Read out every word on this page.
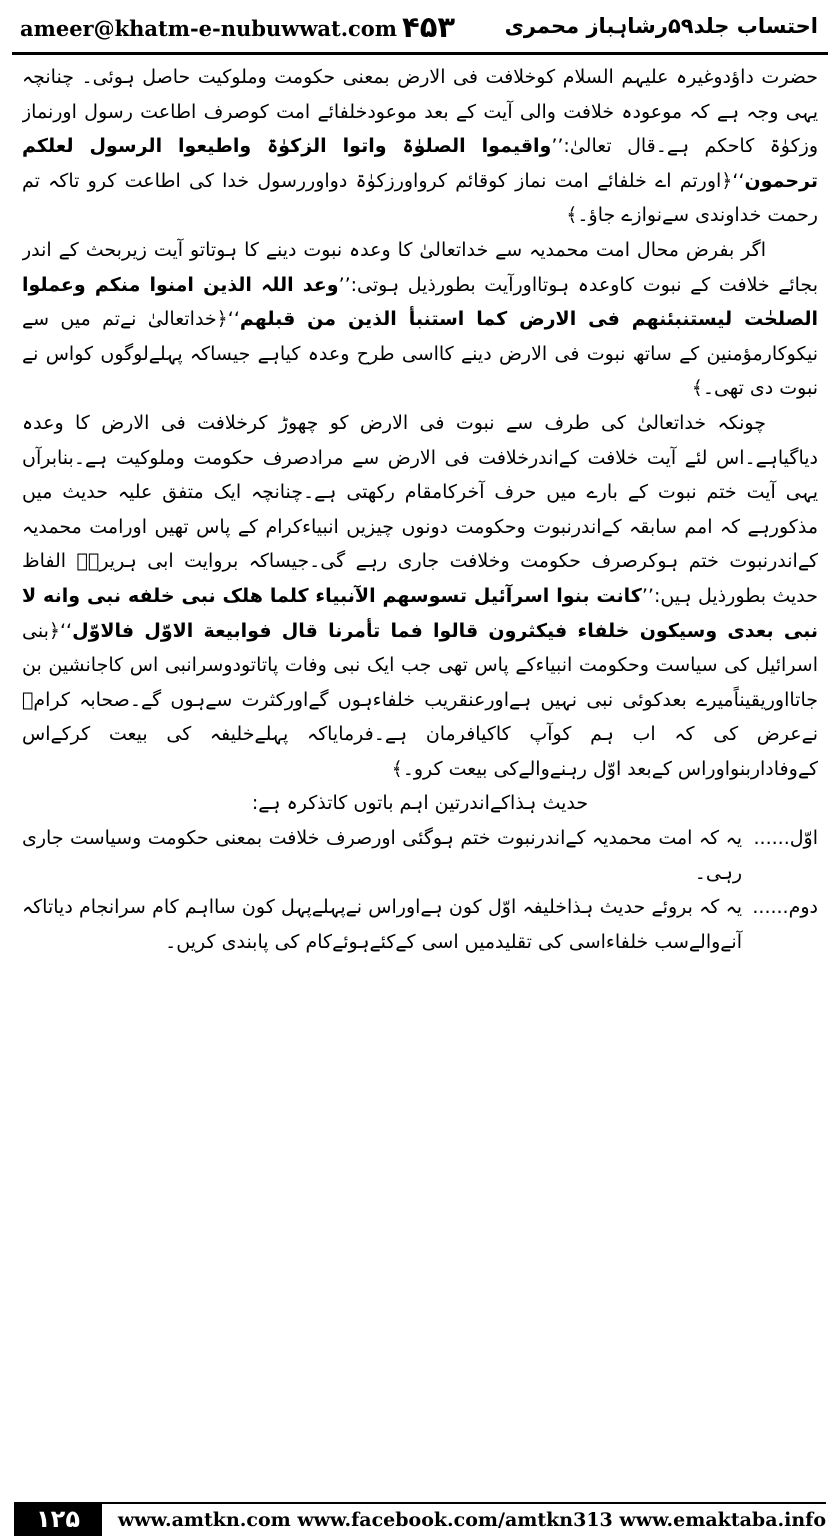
ameer@khatm-e-nubuwwat.com ۴۵۳ احتساب جلد۵۹رشاہباز محمری

حضرت داؤدوغیرہ علیہم السلام کوخلافت فی الارض بمعنی حکومت وملوکیت حاصل ہوئی۔ چنانچہ یہی وجہ ہے کہ موعودہ خلافت والی آیت کے بعد موعودخلفائے امت کوصرف اطاعت رسول اورنماز وزکوٰۃ کاحکم ہے۔قال تعالیٰ:’’واقیموا الصلوٰۃ واتوا الزکوٰۃ واطیعوا الرسول لعلکم ترحمون‘‘﴿اورتم اے خلفائے امت نماز کوقائم کرواورزکوٰۃ دواوررسول خدا کی اطاعت کرو تاکہ تم رحمت خداوندی سےنوازے جاؤ۔﴾

اگر بفرض محال امت محمدیہ سے خداتعالیٰ کا وعدہ نبوت دینے کا ہوتاتو آیت زیربحث کے اندر بجائے خلافت کے نبوت کاوعدہ ہوتااورآیت بطورذیل ہوتی:’’وعد اللہ الذین امنوا منکم وعملوا الصلحٰت لیستنبئنھم فی الارض کما استنبأ الذین من قبلھم‘‘﴿خداتعالیٰ نےتم میں سے نیکوکارمؤمنین کے ساتھ نبوت فی الارض دینے کااسی طرح وعدہ کیاہے جیساکہ پہلےلوگوں کواس نے نبوت دی تھی۔﴾

چونکہ خداتعالیٰ کی طرف سے نبوت فی الارض کو چھوڑ کرخلافت فی الارض کا وعدہ دیاگیاہے۔اس لئے آیت خلافت کےاندرخلافت فی الارض سے مرادصرف حکومت وملوکیت ہے۔بنابرآں یہی آیت ختم نبوت کے بارے میں حرف آخرکامقام رکھتی ہے۔چنانچہ ایک متفق علیہ حدیث میں مذکورہے کہ امم سابقہ کےاندرنبوت وحکومت دونوں چیزیں انبیاءکرام کے پاس تھیں اورامت محمدیہ کےاندرنبوت ختم ہوکرصرف حکومت وخلافت جاری رہے گی۔جیساکہ بروایت ابی ہریرہؓ الفاظ حدیث بطورذیل ہیں:’’کانت بنوا اسرآئیل تسوسھم الآنبیاء کلما ھلک نبی خلفه نبی وانه لا نبی بعدی وسیکون خلفاء فیکثرون قالوا فما تأمرنا قال فوابیعة الاوّل فالاوّل‘‘﴿بنی اسرائیل کی سیاست وحکومت انبیاءکے پاس تھی جب ایک نبی وفات پاتاتودوسرانبی اس کاجانشین بن جاتااوریقیناًمیرے بعدکوئی نبی نہیں ہےاورعنقریب خلفاءہوں گےاورکثرت سےہوں گے۔صحابہ کرامؓ نےعرض کی کہ اب ہم کوآپ کاکیافرمان ہے۔فرمایاکہ پہلےخلیفہ کی بیعت کرکےاس کےوفاداربنواوراس کےبعد اوّل رہنےوالےکی بیعت کرو۔﴾

حدیث ہذاکےاندرتین اہم باتوں کاتذکرہ ہے:

اوّل......
یہ کہ امت محمدیہ کےاندرنبوت ختم ہوگئی اورصرف خلافت بمعنی حکومت وسیاست جاری رہی۔
دوم......
یہ کہ بروئے حدیث ہذاخلیفہ اوّل کون ہےاوراس نےپہلےپہل کون سااہم کام سرانجام دیاتاکہ آنےوالےسب خلفاءاسی کی تقلیدمیں اسی کےکئےہوئےکام کی پابندی کریں۔
۱۲۵	www.amtkn.com www.facebook.com/amtkn313 www.emaktaba.info
